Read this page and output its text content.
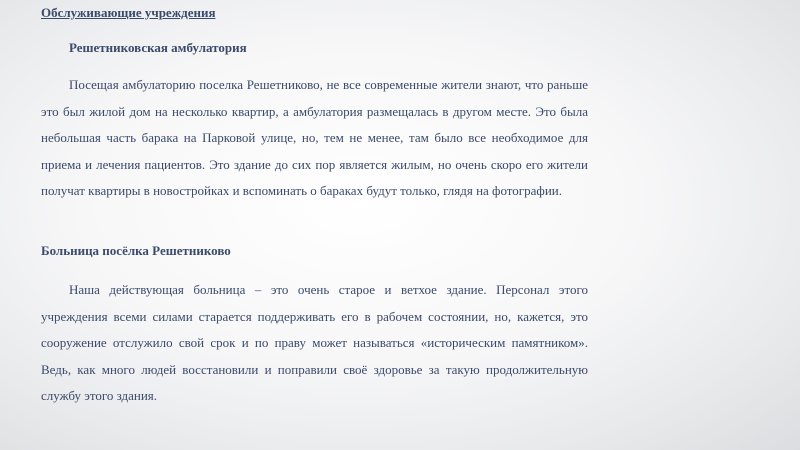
Обслуживающие учреждения
Решетниковская амбулатория

Посещая амбулаторию поселка Решетниково, не все современные жители знают, что раньше это был жилой дом на несколько квартир, а амбулатория размещалась в другом месте. Это была небольшая часть барака на Парковой улице, но, тем не менее, там было все необходимое для приема и лечения пациентов. Это здание до сих пор является жилым, но очень скоро его жители получат квартиры в новостройках и вспоминать о бараках будут только, глядя на фотографии.

Больница посёлка Решетниково

Наша действующая больница – это очень старое и ветхое здание. Персонал этого учреждения всеми силами старается поддерживать его в рабочем состоянии, но, кажется, это сооружение отслужило свой срок и по праву может называться «историческим памятником». Ведь, как много людей восстановили и поправили своё здоровье за такую продолжительную службу этого здания.
